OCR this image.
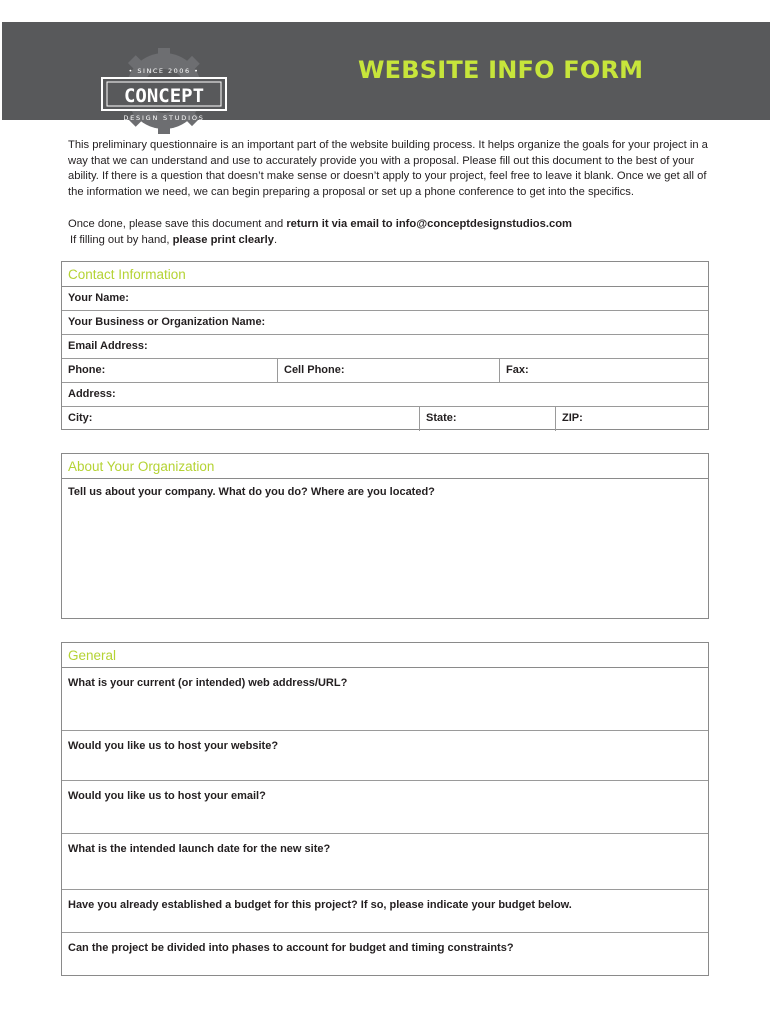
CONCEPT
• SINCE 2006 •
DESIGN STUDIOS
WEBSITE INFO FORM

This preliminary questionnaire is an important part of the website building process. It helps organize the goals for your project in a way that we can understand and use to accurately provide you with a proposal. Please fill out this document to the best of your ability. If there is a question that doesn’t make sense or doesn’t apply to your project, feel free to leave it blank. Once we get all of the information we need, we can begin preparing a proposal or set up a phone conference to get into the specifics.

Once done, please save this document and return it via email to info@conceptdesignstudios.com
If filling out by hand, please print clearly.
Contact Information
Your Name:
Your Business or Organization Name:
Email Address:
Phone:	Cell Phone:	Fax:
Address:
City:	State:	ZIP:
About Your Organization
Tell us about your company. What do you do? Where are you located?
General
What is your current (or intended) web address/URL?
Would you like us to host your website?
Would you like us to host your email?
What is the intended launch date for the new site?
Have you already established a budget for this project? If so, please indicate your budget below.
Can the project be divided into phases to account for budget and timing constraints?
